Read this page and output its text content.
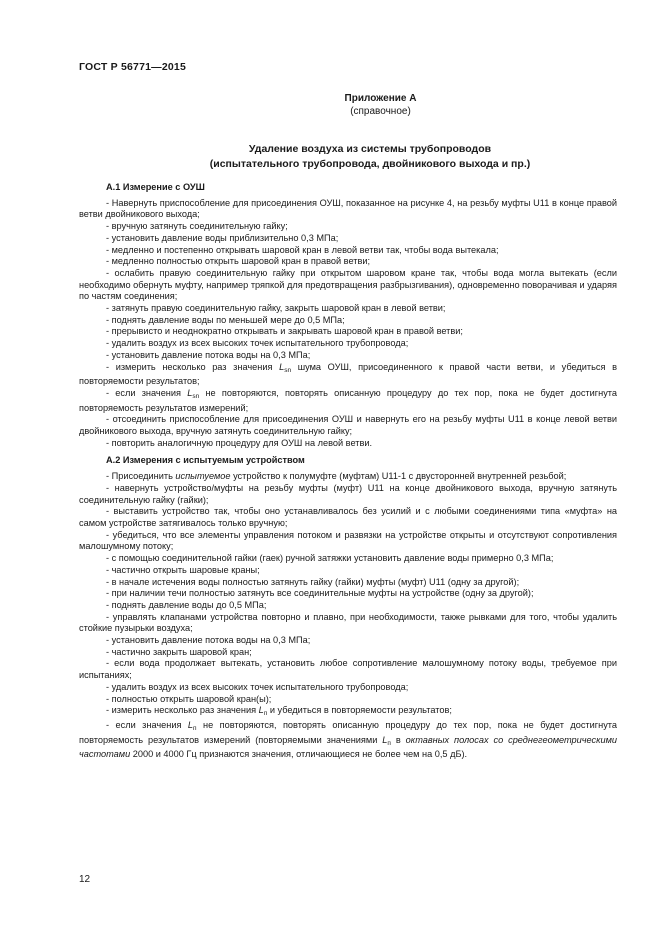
ГОСТ Р 56771—2015
Приложение А
(справочное)
Удаление воздуха из системы трубопроводов
(испытательного трубопровода, двойникового выхода и пр.)

А.1 Измерение с ОУШ

- Навернуть приспособление для присоединения ОУШ, показанное на рисунке 4, на резьбу муфты U11 в конце правой ветви двойникового выхода;

- вручную затянуть соединительную гайку;

- установить давление воды приблизительно 0,3 МПа;

- медленно и постепенно открывать шаровой кран в левой ветви так, чтобы вода вытекала;

- медленно полностью открыть шаровой кран в правой ветви;

- ослабить правую соединительную гайку при открытом шаровом кране так, чтобы вода могла вытекать (если необходимо обернуть муфту, например тряпкой для предотвращения разбрызгивания), одновременно поворачивая и ударяя по частям соединения;

- затянуть правую соединительную гайку, закрыть шаровой кран в левой ветви;

- поднять давление воды по меньшей мере до 0,5 МПа;

- прерывисто и неоднократно открывать и закрывать шаровой кран в правой ветви;

- удалить воздух из всех высоких точек испытательного трубопровода;

- установить давление потока воды на 0,3 МПа;

- измерить несколько раз значения $L_{sn}$ шума ОУШ, присоединенного к правой части ветви, и убедиться в повторяемости результатов;

- если значения $L_{sn}$ не повторяются, повторять описанную процедуру до тех пор, пока не будет достигнута повторяемость результатов измерений;

- отсоединить приспособление для присоединения ОУШ и навернуть его на резьбу муфты U11 в конце левой ветви двойникового выхода, вручную затянуть соединительную гайку;

- повторить аналогичную процедуру для ОУШ на левой ветви.

А.2 Измерения с испытуемым устройством

- Присоединить испытуемое устройство к полумуфте (муфтам) U11-1 с двусторонней внутренней резьбой;

- навернуть устройство/муфты на резьбу муфты (муфт) U11 на конце двойникового выхода, вручную затянуть соединительную гайку (гайки);

- выставить устройство так, чтобы оно устанавливалось без усилий и с любыми соединениями типа «муфта» на самом устройстве затягивалось только вручную;

- убедиться, что все элементы управления потоком и развязки на устройстве открыты и отсутствуют сопротивления малошумному потоку;

- с помощью соединительной гайки (гаек) ручной затяжки установить давление воды примерно 0,3 МПа;

- частично открыть шаровые краны;

- в начале истечения воды полностью затянуть гайку (гайки) муфты (муфт) U11 (одну за другой);

- при наличии течи полностью затянуть все соединительные муфты на устройстве (одну за другой);

- поднять давление воды до 0,5 МПа;

- управлять клапанами устройства повторно и плавно, при необходимости, также рывками для того, чтобы удалить стойкие пузырьки воздуха;

- установить давление потока воды на 0,3 МПа;

- частично закрыть шаровой кран;

- если вода продолжает вытекать, установить любое сопротивление малошумному потоку воды, требуемое при испытаниях;

- удалить воздух из всех высоких точек испытательного трубопровода;

- полностью открыть шаровой кран(ы);

- измерить несколько раз значения $L_п$ и убедиться в повторяемости результатов;

- если значения $L_п$ не повторяются, повторять описанную процедуру до тех пор, пока не будет достигнута повторяемость результатов измерений (повторяемыми значениями $L_п$ в октавных полосах со среднегеометрическими частотами 2000 и 4000 Гц признаются значения, отличающиеся не более чем на 0,5 дБ).

12
